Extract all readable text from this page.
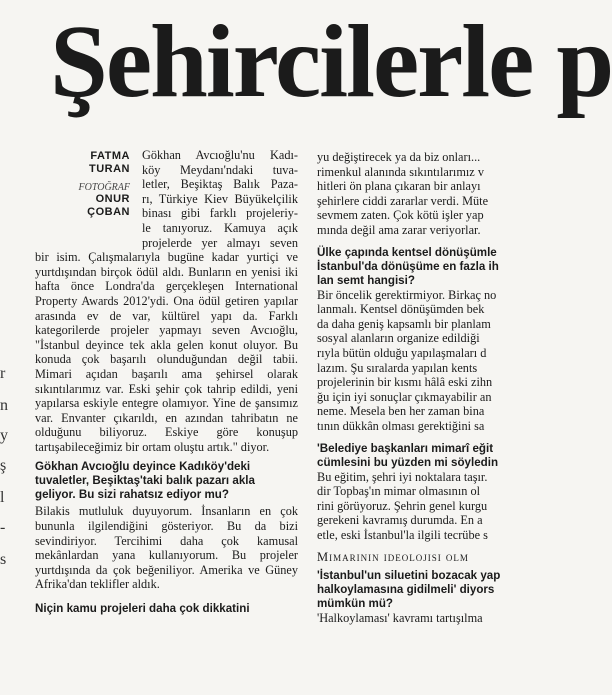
Şehircilerle p
r
n
y
ş
l
-
s
FATMA
TURAN
FOTOĞRAF
ONUR
ÇOBAN
Gökhan Avcıoğlu'nu Kadı-
köy Meydanı'ndaki tuva-
letler, Beşiktaş Balık Paza-
rı, Türkiye Kiev Büyükelçilik
binası gibi farklı projeleriy-
le tanıyoruz. Kamuya açık
projelerde yer almayı seven

bir isim. Çalışmalarıyla bugüne kadar yurtiçi ve yurtdışından birçok ödül aldı. Bunların en yenisi iki hafta önce Londra'da gerçekleşen International Property Awards 2012'ydi. Ona ödül getiren yapılar arasında ev de var, kültürel yapı da. Farklı kategorilerde projeler yapmayı seven Avcıoğlu, "İstanbul deyince tek akla gelen konut oluyor. Bu konuda çok başarılı olunduğundan değil tabii. Mimari açıdan başarılı ama şehirsel olarak sıkıntılarımız var. Eski şehir çok tahrip edildi, yeni yapılarsa eskiyle entegre olamıyor. Yine de şansımız var. Envanter çıkarıldı, en azından tahribatın ne olduğunu biliyoruz. Eskiye göre konuşup tartışabileceğimiz bir ortam oluştu artık." diyor.

Gökhan Avcıoğlu deyince Kadıköy'deki tuvaletler, Beşiktaş'taki balık pazarı akla geliyor. Bu sizi rahatsız ediyor mu?

Bilakis mutluluk duyuyorum. İnsanların en çok bununla ilgilendiğini gösteriyor. Bu da bizi sevindiriyor. Tercihimi daha çok kamusal mekânlardan yana kullanıyorum. Bu projeler yurtdışında da çok beğeniliyor. Amerika ve Güney Afrika'dan teklifler aldık.

Niçin kamu projeleri daha çok dikkatini
yu değiştirecek ya da biz onları...
rimenkul alanında sıkıntılarımız v
hitleri ön plana çıkaran bir anlayı
şehirlere ciddi zararlar verdi. Müte
sevmem zaten. Çok kötü işler yap
mında değil ama zarar veriyorlar.
Ülke çapında kentsel dönüşümle
İstanbul'da dönüşüme en fazla ih
lan semt hangisi?
Bir öncelik gerektirmiyor. Birkaç no
lanmalı. Kentsel dönüşümden bek
da daha geniş kapsamlı bir planlam
sosyal alanların organize edildiği
rıyla bütün olduğu yapılaşmaları d
lazım. Şu sıralarda yapılan kents
projelerinin bir kısmı hâlâ eski zihn
ğu için iyi sonuçlar çıkmayabilir an
neme. Mesela ben her zaman bina
tının dükkân olması gerektiğini sa
'Belediye başkanları mimarî eğit
cümlesini bu yüzden mi söyledin
Bu eğitim, şehri iyi noktalara taşır.
dir Topbaş'ın mimar olmasının ol
rini görüyoruz. Şehrin genel kurgu
gerekeni kavramış durumda. En a
etle, eski İstanbul'la ilgili tecrübe s
Mimarinin ideolojisi olm
'İstanbul'un siluetini bozacak yap
halkoylamasına gidilmeli' diyors
mümkün mü?
'Halkoylaması' kavramı tartışılma
